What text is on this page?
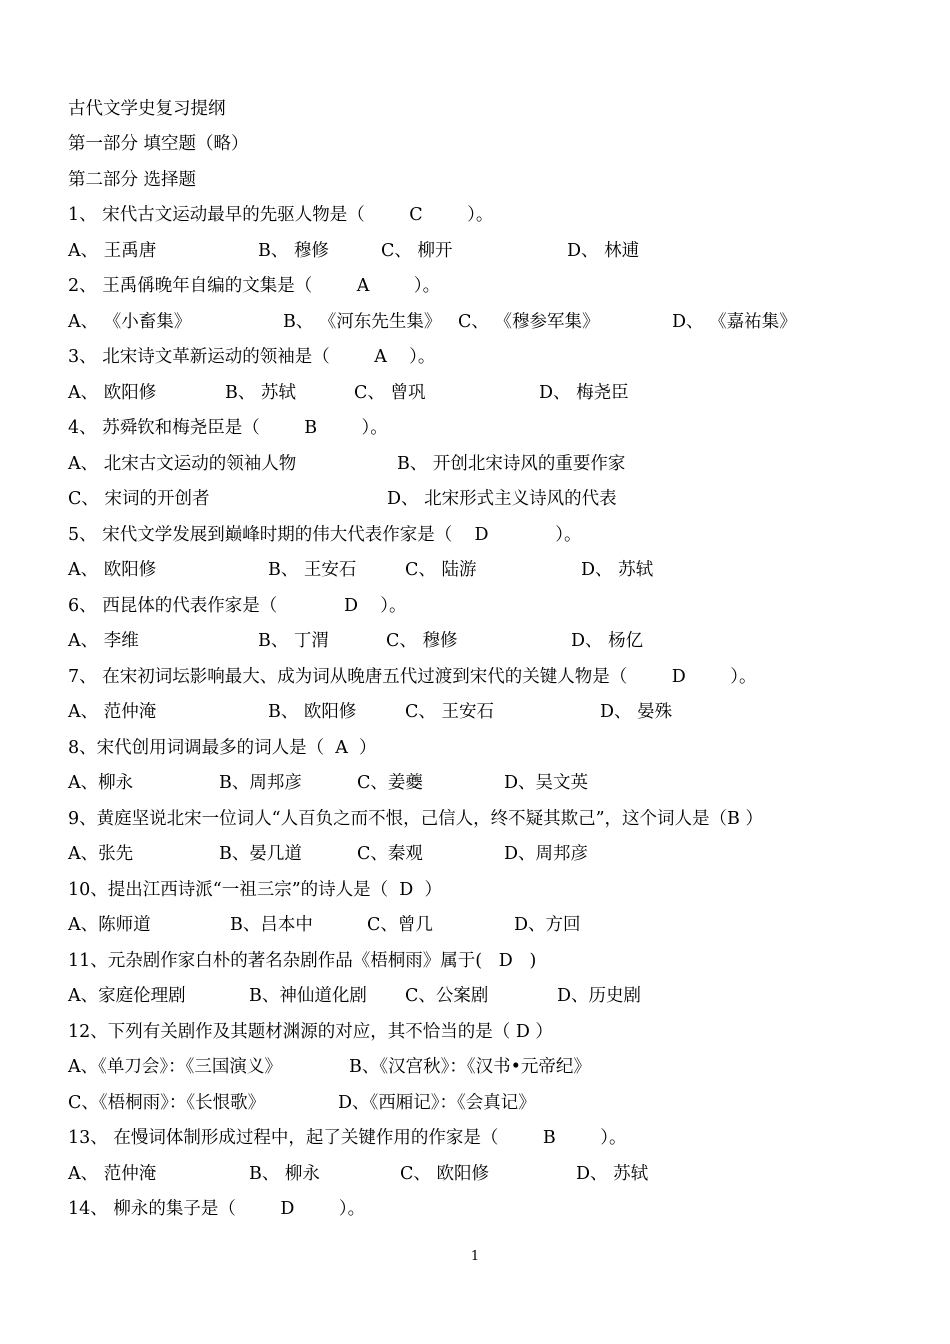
古代文学史复习提纲
第一部分 填空题（略）
第二部分 选择题
1、 宋代古文运动最早的先驱人物是（        C        ）。
A、 王禹唐	B、 穆修	C、 柳开	D、 林逋
2、 王禹偁晚年自编的文集是（        A        ）。
A、 《小畜集》	B、 《河东先生集》 C、 《穆参军集》	D、 《嘉祐集》
3、 北宋诗文革新运动的领袖是（        A    ）。
A、 欧阳修	B、 苏轼	C、 曾巩	D、 梅尧臣
4、 苏舜钦和梅尧臣是（        B        ）。
A、 北宋古文运动的领袖人物	B、 开创北宋诗风的重要作家
C、 宋词的开创者	D、 北宋形式主义诗风的代表
5、 宋代文学发展到巅峰时期的伟大代表作家是（    D            ）。
A、 欧阳修	B、 王安石	C、 陆游	D、 苏轼
6、 西昆体的代表作家是（            D    ）。
A、 李维	B、 丁渭	C、 穆修	D、 杨亿
7、 在宋初词坛影响最大、成为词从晚唐五代过渡到宋代的关键人物是（        D        ）。
A、 范仲淹	B、 欧阳修	C、 王安石	D、 晏殊
8、宋代创用词调最多的词人是（  A  ）
A、柳永	B、周邦彦	C、姜夔	D、吴文英
9、黄庭坚说北宋一位词人“人百负之而不恨，己信人，终不疑其欺己”，这个词人是（B ）
A、张先	B、晏几道	C、秦观	D、周邦彦
10、提出江西诗派“一祖三宗”的诗人是（  D  ）
A、陈师道	B、吕本中	C、曾几	D、方回
11、元杂剧作家白朴的著名杂剧作品《梧桐雨》属于(   D   )
A、家庭伦理剧	B、神仙道化剧 C、公案剧	D、历史剧
12、下列有关剧作及其题材渊源的对应，其不恰当的是（ D ）
A、《单刀会》：《三国演义》	B、《汉宫秋》：《汉书•元帝纪》
C、《梧桐雨》：《长恨歌》	D、《西厢记》：《会真记》
13、 在慢词体制形成过程中，起了关键作用的作家是（        B        ）。
A、 范仲淹	B、 柳永	C、 欧阳修	D、 苏轼
14、 柳永的集子是（        D        ）。
1
